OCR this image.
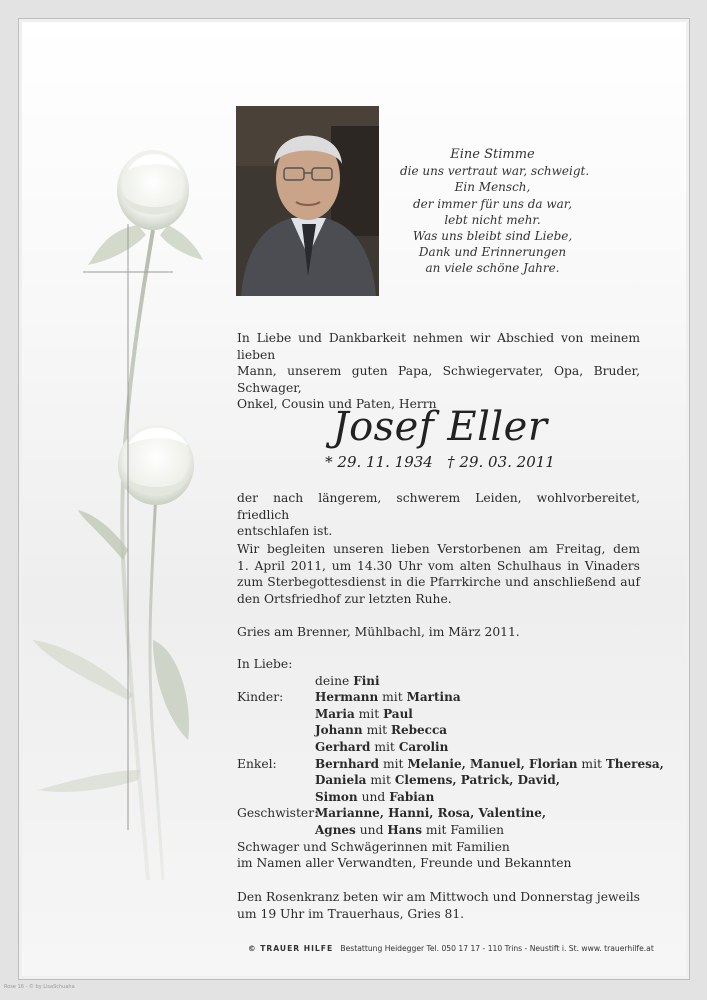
Eine Stimme
die uns vertraut war, schweigt.
Ein Mensch,
der immer für uns da war,
lebt nicht mehr.
Was uns bleibt sind Liebe,
Dank und Erinnerungen
an viele schöne Jahre.
In Liebe und Dankbarkeit nehmen wir Abschied von meinem lieben
Mann, unserem guten Papa, Schwiegervater, Opa, Bruder, Schwager,
Onkel, Cousin und Paten, Herrn
Josef Eller
* 29. 11. 1934   † 29. 03. 2011
der nach längerem, schwerem Leiden, wohlvorbereitet, friedlich
entschlafen ist.
Wir begleiten unseren lieben Verstorbenen am Freitag, dem
1. April 2011, um 14.30 Uhr vom alten Schulhaus in Vinaders
zum Sterbegottesdienst in die Pfarrkirche und anschließend auf
den Ortsfriedhof zur letzten Ruhe.
Gries am Brenner, Mühlbachl, im März 2011.
In Liebe:
deine
Fini
Kinder:	Hermann
mit
Martina
Maria
mit
Paul
Johann
mit
Rebecca
Gerhard
mit
Carolin
Enkel:	Bernhard
mit
Melanie, Manuel, Florian
mit
Theresa,
Daniela
mit
Clemens, Patrick, David,
Simon
und
Fabian
Geschwister:
Marianne, Hanni, Rosa, Valentine,
Agnes
und
Hans
mit Familien
Schwager und Schwägerinnen mit Familien
im Namen aller Verwandten, Freunde und Bekannten
Den Rosenkranz beten wir am Mittwoch und Donnerstag jeweils
um 19 Uhr im Trauerhaus, Gries 81.
© TRAUER HILFE Bestattung Heidegger Tel. 050 17 17 - 110 Trins - Neustift i. St. www. trauerhilfe.at
Rose 16 - © by LisaSchuaha
